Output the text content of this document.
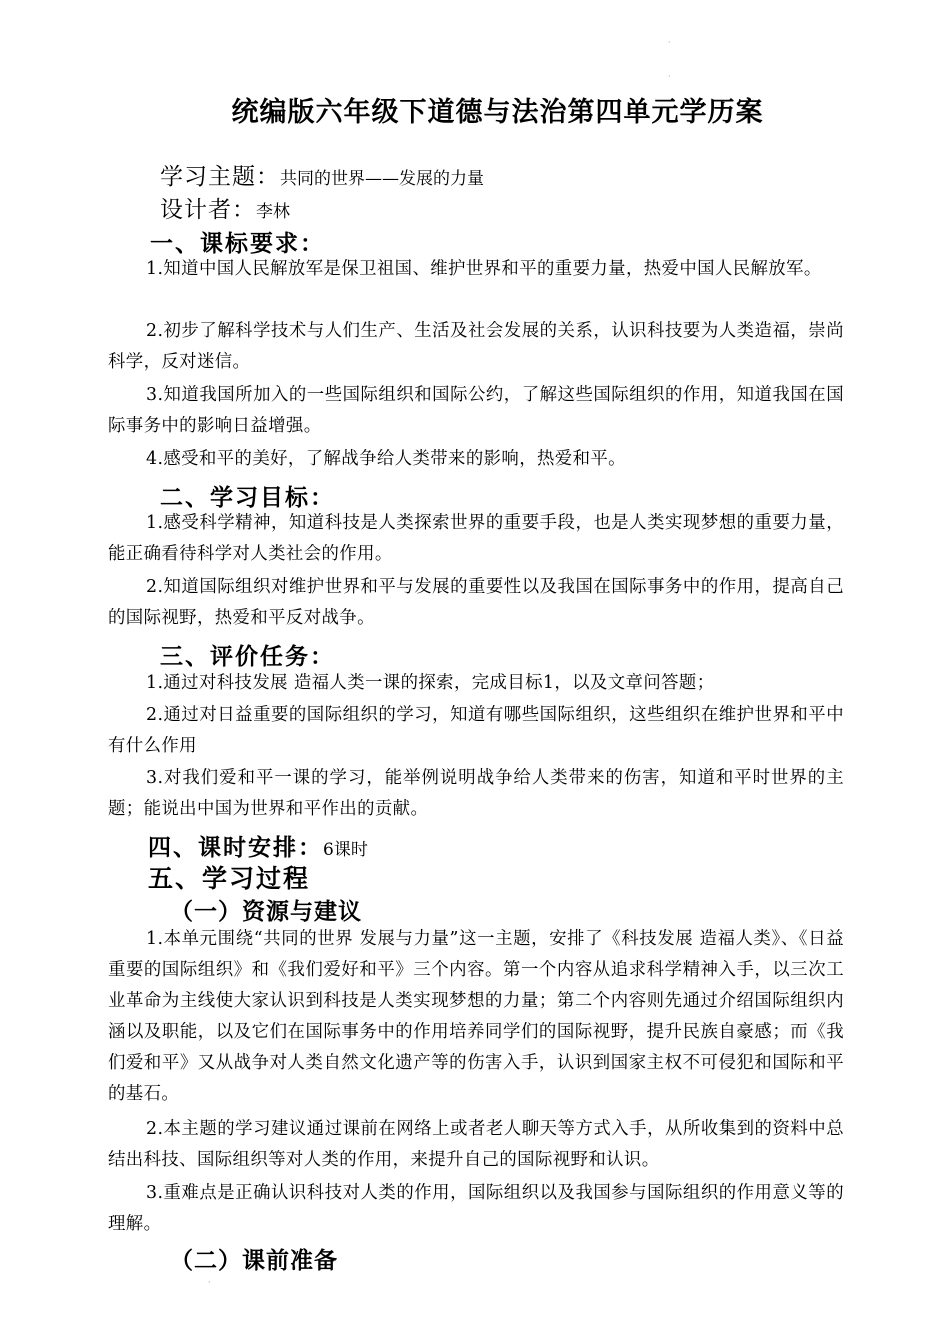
·
·
统编版六年级下道德与法治第四单元学历案
学习主题：共同的世界——发展的力量
设计者：李林
一、课标要求：
1.知道中国人民解放军是保卫祖国、维护世界和平的重要力量，热爱中国人民解放军。
2.初步了解科学技术与人们生产、生活及社会发展的关系，认识科技要为人类造福，崇尚科学，反对迷信。
3.知道我国所加入的一些国际组织和国际公约，了解这些国际组织的作用，知道我国在国际事务中的影响日益增强。
4.感受和平的美好，了解战争给人类带来的影响，热爱和平。
二、学习目标：
1.感受科学精神，知道科技是人类探索世界的重要手段，也是人类实现梦想的重要力量，能正确看待科学对人类社会的作用。
2.知道国际组织对维护世界和平与发展的重要性以及我国在国际事务中的作用，提高自己的国际视野，热爱和平反对战争。
三、评价任务：
1.通过对科技发展 造福人类一课的探索，完成目标1，以及文章问答题；
2.通过对日益重要的国际组织的学习，知道有哪些国际组织，这些组织在维护世界和平中有什么作用
3.对我们爱和平一课的学习，能举例说明战争给人类带来的伤害，知道和平时世界的主题；能说出中国为世界和平作出的贡献。
四、课时安排：6课时
五、学习过程
（一）资源与建议
1.本单元围绕“共同的世界 发展与力量”这一主题，安排了《科技发展 造福人类》、《日益重要的国际组织》和《我们爱好和平》三个内容。第一个内容从追求科学精神入手，以三次工业革命为主线使大家认识到科技是人类实现梦想的力量；第二个内容则先通过介绍国际组织内涵以及职能，以及它们在国际事务中的作用培养同学们的国际视野，提升民族自豪感；而《我们爱和平》又从战争对人类自然文化遗产等的伤害入手，认识到国家主权不可侵犯和国际和平的基石。
2.本主题的学习建议通过课前在网络上或者老人聊天等方式入手，从所收集到的资料中总结出科技、国际组织等对人类的作用，来提升自己的国际视野和认识。
3.重难点是正确认识科技对人类的作用，国际组织以及我国参与国际组织的作用意义等的理解。
（二）课前准备
·
